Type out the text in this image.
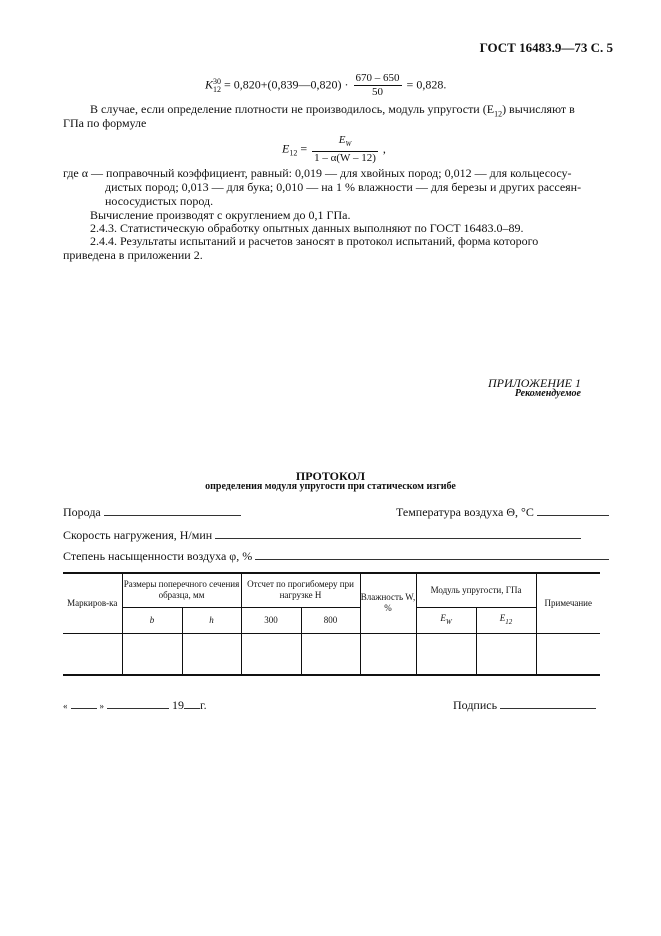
ГОСТ 16483.9—73 С. 5
K 30
12 = 0,820+(0,839—0,820) · $\frac{670 - 650}{50} = 0,828$.
В случае, если определение плотности не производилось, модуль упругости $(E_{12})$ вычисляют в
ГПа по формуле
$E_{12} = \frac{E_W}{1 - \alpha(W - 12)}$ ,
где α — поправочный коэффициент, равный: 0,019 — для хвойных пород; 0,012 — для кольцесосу-
дистых пород; 0,013 — для бука; 0,010 — на 1 % влажности — для березы и других рассеян-
нососудистых пород.
Вычисление производят с округлением до 0,1 ГПа.
2.4.3. Статистическую обработку опытных данных выполняют по ГОСТ 16483.0–89.
2.4.4. Результаты испытаний и расчетов заносят в протокол испытаний, форма которого
приведена в приложении 2.
ПРИЛОЖЕНИЕ 1
Рекомендуемое
ПРОТОКОЛ
определения модуля упругости при статическом изгибе
Порода	Температура воздуха Θ, °С
Скорость нагружения, Н/мин
Степень насыщенности воздуха φ, %
Маркиров-ка	Размеры поперечного сечения образца, мм		Отсчет по прогибомеру при нагрузке Н		Влажность W, %	Модуль упругости, ГПа		Примечание
	b	h	300	800		$E_W$	$E_{12}$

«	»	19 г.	Подпись
